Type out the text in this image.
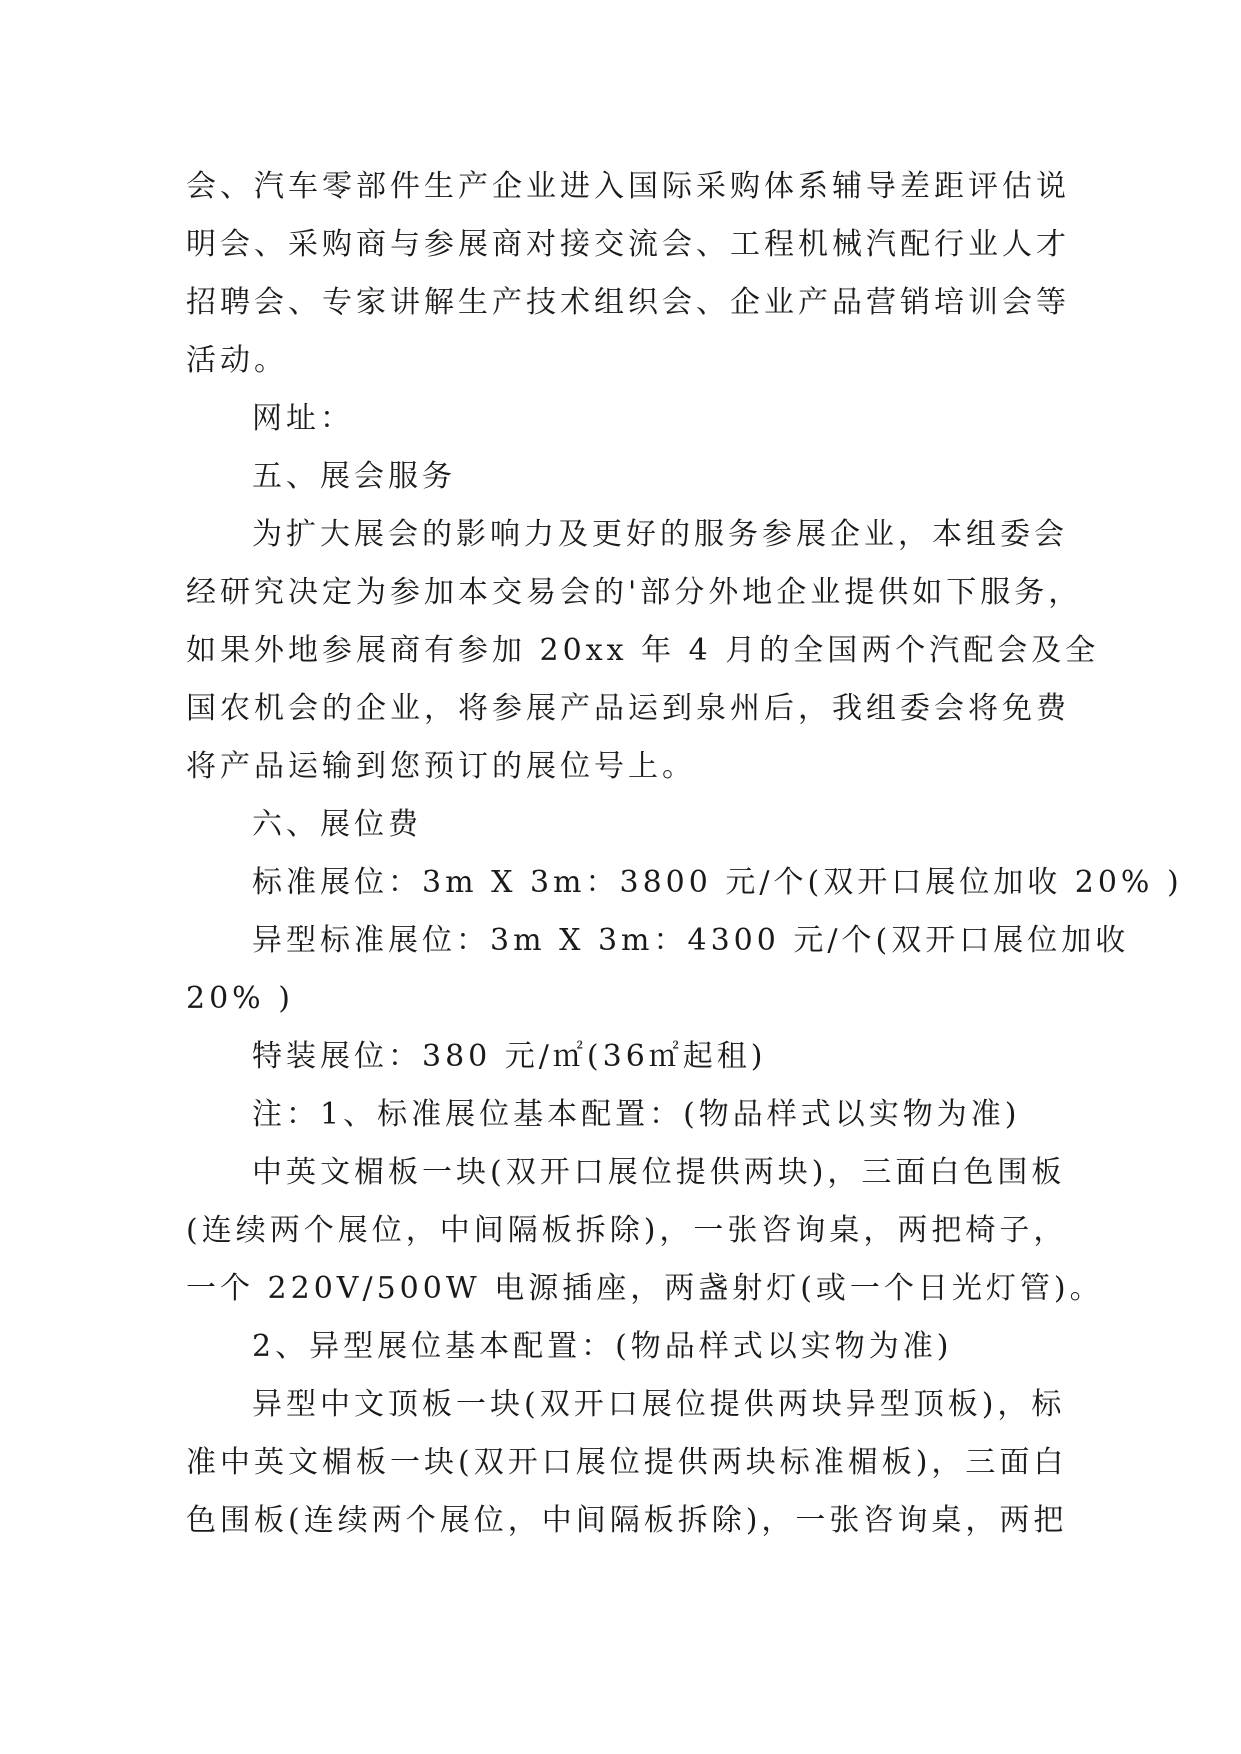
会、汽车零部件生产企业进入国际采购体系辅导差距评估说
明会、采购商与参展商对接交流会、工程机械汽配行业人才
招聘会、专家讲解生产技术组织会、企业产品营销培训会等
活动。
网址：
五、展会服务
为扩大展会的影响力及更好的服务参展企业，本组委会
经研究决定为参加本交易会的'部分外地企业提供如下服务，
如果外地参展商有参加 20xx 年 4 月的全国两个汽配会及全
国农机会的企业，将参展产品运到泉州后，我组委会将免费
将产品运输到您预订的展位号上。
六、展位费
标准展位：3m X 3m：3800 元/个(双开口展位加收 20% )
异型标准展位：3m X 3m：4300 元/个(双开口展位加收
20% )
特装展位：380 元/㎡(36㎡起租)
注：1、标准展位基本配置：(物品样式以实物为准)
中英文楣板一块(双开口展位提供两块)，三面白色围板
(连续两个展位，中间隔板拆除)，一张咨询桌，两把椅子，
一个 220V/500W 电源插座，两盏射灯(或一个日光灯管)。
2、异型展位基本配置：(物品样式以实物为准)
异型中文顶板一块(双开口展位提供两块异型顶板)，标
准中英文楣板一块(双开口展位提供两块标准楣板)，三面白
色围板(连续两个展位，中间隔板拆除)，一张咨询桌，两把
